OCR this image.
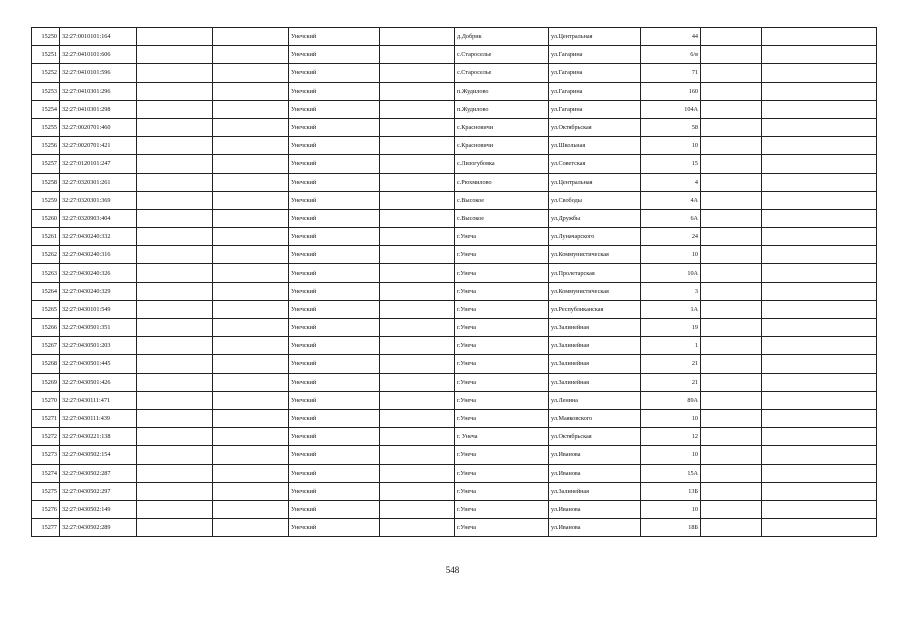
15250	32:27:0010101:164			Унечский		д.Добрик	ул.Центральная	44		
15251	32:27:0410101:606			Унечский		с.Староселье	ул.Гагарина	6/в		
15252	32:27:0410101:596			Унечский		с.Староселье	ул.Гагарина	71		
15253	32:27:0410301:296			Унечский		п.Жудилово	ул.Гагарина	160		
15254	32:27:0410301:298			Унечский		п.Жудилово	ул.Гагарина	104А		
15255	32:27:0020701:460			Унечский		с.Красновичи	ул.Октябрьская	58		
15256	32:27:0020701:421			Унечский		с.Красновичи	ул.Школьная	10		
15257	32:27:0120101:247			Унечский		с.Лизогубовка	ул.Советская	15		
15258	32:27:0320301:261			Унечский		с.Рюхмилово	ул.Центральная	4		
15259	32:27:0320301:369			Унечский		с.Высокое	ул.Свободы	4А		
15260	32:27:0320903:404			Унечский		с.Высокое	ул.Дружбы	6А		
15261	32:27:0430240:332			Унечский		г.Унеча	ул.Луначарского	24		
15262	32:27:0430240:316			Унечский		г.Унеча	ул.Коммунистическая	10		
15263	32:27:0430240:326			Унечский		г.Унеча	ул.Пролетарская	10А		
15264	32:27:0430240:329			Унечский		г.Унеча	ул.Коммунистическая	3		
15265	32:27:0430101:549			Унечский		г.Унеча	ул.Республиканская	1А		
15266	32:27:0430501:351			Унечский		г.Унеча	ул.Залинейная	19		
15267	32:27:0430501:203			Унечский		г.Унеча	ул.Залинейная	1		
15268	32:27:0430501:445			Унечский		г.Унеча	ул.Залинейная	21		
15269	32:27:0430501:426			Унечский		г.Унеча	ул.Залинейная	21		
15270	32:27:0430111:471			Унечский		г.Унеча	ул.Ленина	89А		
15271	32:27:0430111:439			Унечский		г.Унеча	ул.Маяковского	10		
15272	32:27:0430221:138			Унечский		г. Унеча	ул.Октябрьская	12		
15273	32:27:0430502:154			Унечский		г.Унеча	ул.Иванова	10		
15274	32:27:0430502:287			Унечский		г.Унеча	ул.Иванова	15А		
15275	32:27:0430502:297			Унечский		г.Унеча	ул.Залинейная	13Б		
15276	32:27:0430502:149			Унечский		г.Унеча	ул.Иванова	10		
15277	32:27:0430502:289			Унечский		г.Унеча	ул.Иванова	18Б		
548
